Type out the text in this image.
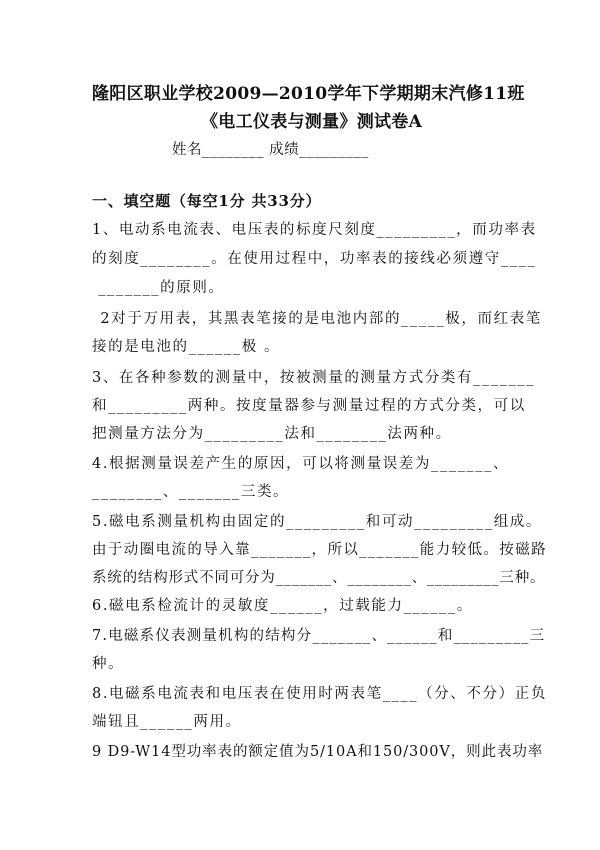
隆阳区职业学校2009—2010学年下学期期末汽修11班
《电工仪表与测量》测试卷A
姓名________ 成绩_________
一、填空题（每空1分 共33分）
1、电动系电流表、电压表的标度尺刻度_________，而功率表
的刻度________。在使用过程中，功率表的接线必须遵守____
_______的原则。
2对于万用表，其黑表笔接的是电池内部的_____极，而红表笔
接的是电池的______极 。
3、在各种参数的测量中，按被测量的测量方式分类有_______
和_________两种。按度量器参与测量过程的方式分类，可以
把测量方法分为_________法和________法两种。
4.根据测量误差产生的原因，可以将测量误差为_______、
________、_______三类。
5.磁电系测量机构由固定的_________和可动_________组成。
由于动圈电流的导入靠_______，所以_______能力较低。按磁路
系统的结构形式不同可分为_______、________、_________三种。
6.磁电系检流计的灵敏度______，过载能力______。
7.电磁系仪表测量机构的结构分_______、______和_________三
种。
8.电磁系电流表和电压表在使用时两表笔____（分、不分）正负
端钮且______两用。
9 D9-W14型功率表的额定值为5/10A和150/300V，则此表功率
